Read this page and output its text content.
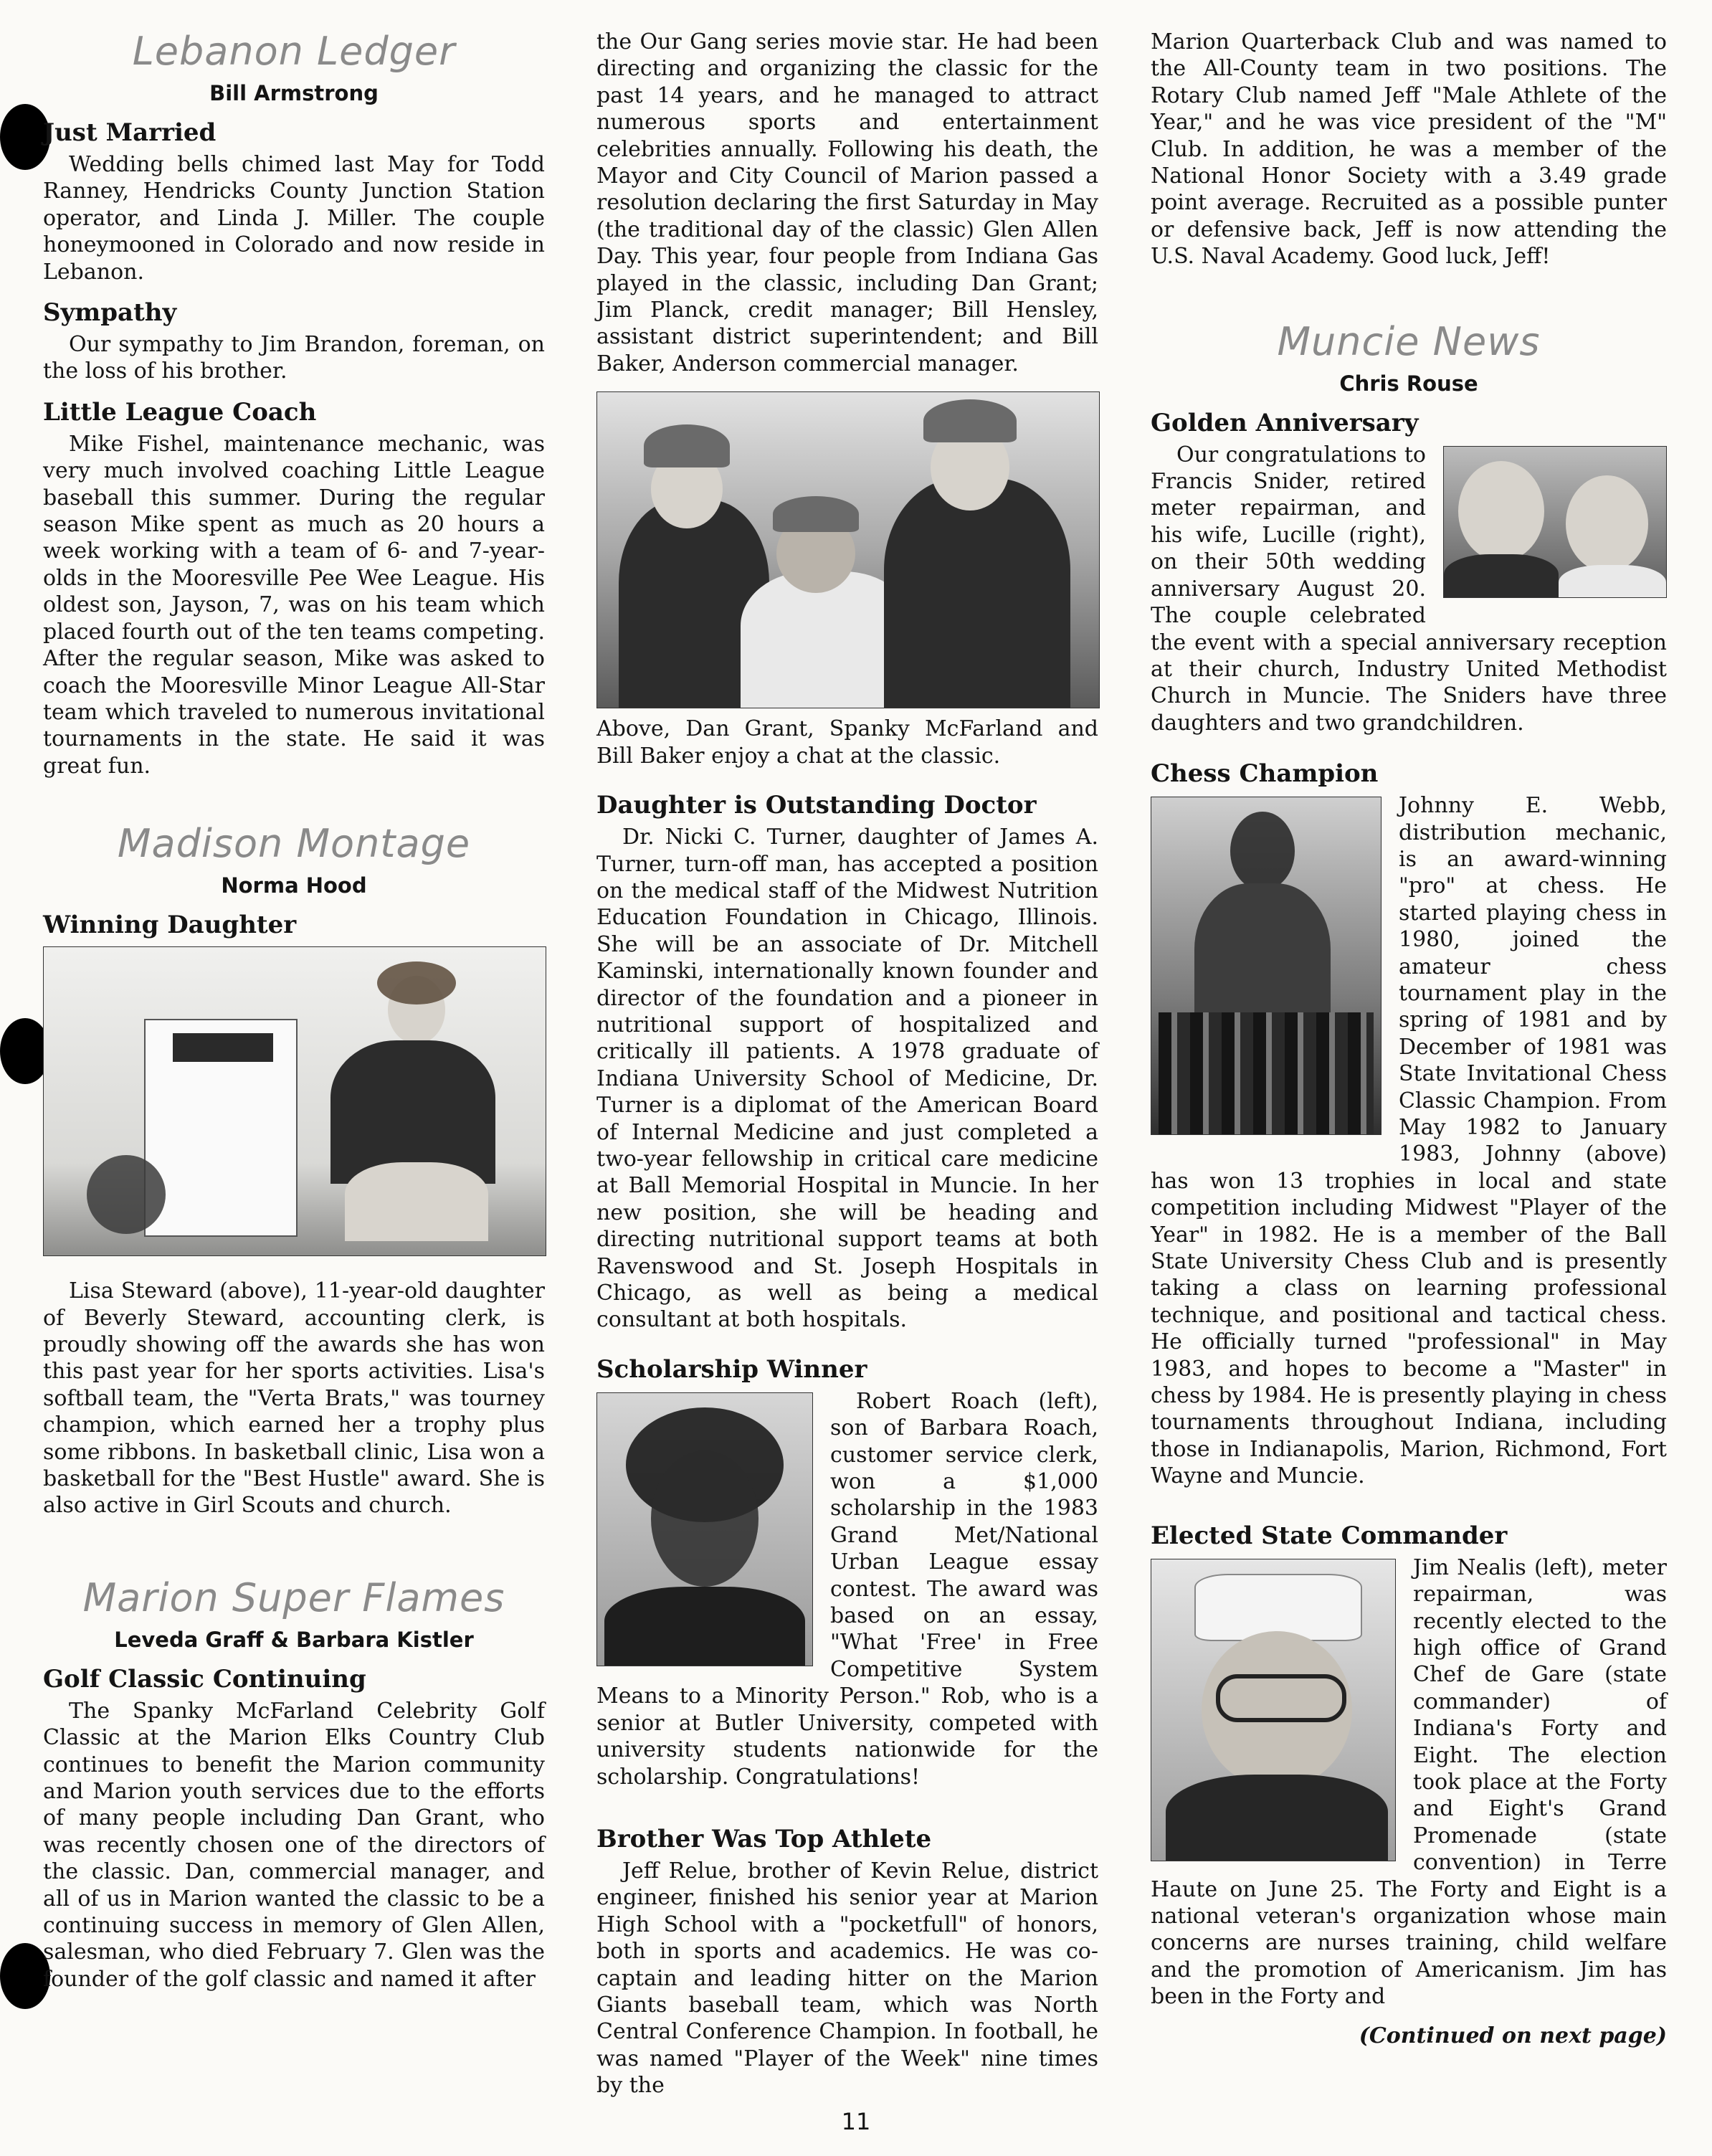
Lebanon Ledger
Bill Armstrong
Just Married

Wedding bells chimed last May for Todd Ranney, Hendricks County Junction Station operator, and Linda J. Miller. The couple honeymooned in Colorado and now reside in Lebanon.

Sympathy

Our sympathy to Jim Brandon, foreman, on the loss of his brother.

Little League Coach

Mike Fishel, maintenance mechanic, was very much involved coaching Little League baseball this summer. During the regular season Mike spent as much as 20 hours a week working with a team of 6- and 7-year-olds in the Mooresville Pee Wee League. His oldest son, Jayson, 7, was on his team which placed fourth out of the ten teams competing. After the regular season, Mike was asked to coach the Mooresville Minor League All-Star team which traveled to numerous invitational tournaments in the state. He said it was great fun.

Madison Montage
Norma Hood
Winning Daughter

Lisa Steward (above), 11-year-old daughter of Beverly Steward, accounting clerk, is proudly showing off the awards she has won this past year for her sports activities. Lisa's softball team, the "Verta Brats," was tourney champion, which earned her a trophy plus some ribbons. In basketball clinic, Lisa won a basketball for the "Best Hustle" award. She is also active in Girl Scouts and church.

Marion Super Flames
Leveda Graff & Barbara Kistler
Golf Classic Continuing

The Spanky McFarland Celebrity Golf Classic at the Marion Elks Country Club continues to benefit the Marion community and Marion youth services due to the efforts of many people including Dan Grant, who was recently chosen one of the directors of the classic. Dan, commercial manager, and all of us in Marion wanted the classic to be a continuing success in memory of Glen Allen, salesman, who died February 7. Glen was the founder of the golf classic and named it after

the Our Gang series movie star. He had been directing and organizing the classic for the past 14 years, and he managed to attract numerous sports and entertainment celebrities annually. Following his death, the Mayor and City Council of Marion passed a resolution declaring the first Saturday in May (the traditional day of the classic) Glen Allen Day. This year, four people from Indiana Gas played in the classic, including Dan Grant; Jim Planck, credit manager; Bill Hensley, assistant district superintendent; and Bill Baker, Anderson commercial manager.

Above, Dan Grant, Spanky McFarland and Bill Baker enjoy a chat at the classic.
Daughter is Outstanding Doctor

Dr. Nicki C. Turner, daughter of James A. Turner, turn-off man, has accepted a position on the medical staff of the Midwest Nutrition Education Foundation in Chicago, Illinois. She will be an associate of Dr. Mitchell Kaminski, internationally known founder and director of the foundation and a pioneer in nutritional support of hospitalized and critically ill patients. A 1978 graduate of Indiana University School of Medicine, Dr. Turner is a diplomat of the American Board of Internal Medicine and just completed a two-year fellowship in critical care medicine at Ball Memorial Hospital in Muncie. In her new position, she will be heading and directing nutritional support teams at both Ravenswood and St. Joseph Hospitals in Chicago, as well as being a medical consultant at both hospitals.

Scholarship Winner

Robert Roach (left), son of Barbara Roach, customer service clerk, won a $1,000 scholarship in the 1983 Grand Met/National Urban League essay contest. The award was based on an essay, "What 'Free' in Free Competitive System Means to a Minority Person." Rob, who is a senior at Butler University, competed with university students nationwide for the scholarship. Congratulations!

Brother Was Top Athlete

Jeff Relue, brother of Kevin Relue, district engineer, finished his senior year at Marion High School with a "pocketfull" of honors, both in sports and academics. He was co-captain and leading hitter on the Marion Giants baseball team, which was North Central Conference Champion. In football, he was named "Player of the Week" nine times by the

Marion Quarterback Club and was named to the All-County team in two positions. The Rotary Club named Jeff "Male Athlete of the Year," and he was vice president of the "M" Club. In addition, he was a member of the National Honor Society with a 3.49 grade point average. Recruited as a possible punter or defensive back, Jeff is now attending the U.S. Naval Academy. Good luck, Jeff!

Muncie News
Chris Rouse
Golden Anniversary

Our congratulations to Francis Snider, retired meter repairman, and his wife, Lucille (right), on their 50th wedding anniversary August 20. The couple celebrated the event with a special anniversary reception at their church, Industry United Methodist Church in Muncie. The Sniders have three daughters and two grandchildren.

Chess Champion

Johnny E. Webb, distribution mechanic, is an award-winning "pro" at chess. He started playing chess in 1980, joined the amateur chess tournament play in the spring of 1981 and by December of 1981 was State Invitational Chess Classic Champion. From May 1982 to January 1983, Johnny (above) has won 13 trophies in local and state competition including Midwest "Player of the Year" in 1982. He is a member of the Ball State University Chess Club and is presently taking a class on learning professional technique, and positional and tactical chess. He officially turned "professional" in May 1983, and hopes to become a "Master" in chess by 1984. He is presently playing in chess tournaments throughout Indiana, including those in Indianapolis, Marion, Richmond, Fort Wayne and Muncie.

Elected State Commander

Jim Nealis (left), meter repairman, was recently elected to the high office of Grand Chef de Gare (state commander) of Indiana's Forty and Eight. The election took place at the Forty and Eight's Grand Promenade (state convention) in Terre Haute on June 25. The Forty and Eight is a national veteran's organization whose main concerns are nurses training, child welfare and the promotion of Americanism. Jim has been in the Forty and

(Continued on next page)
11
